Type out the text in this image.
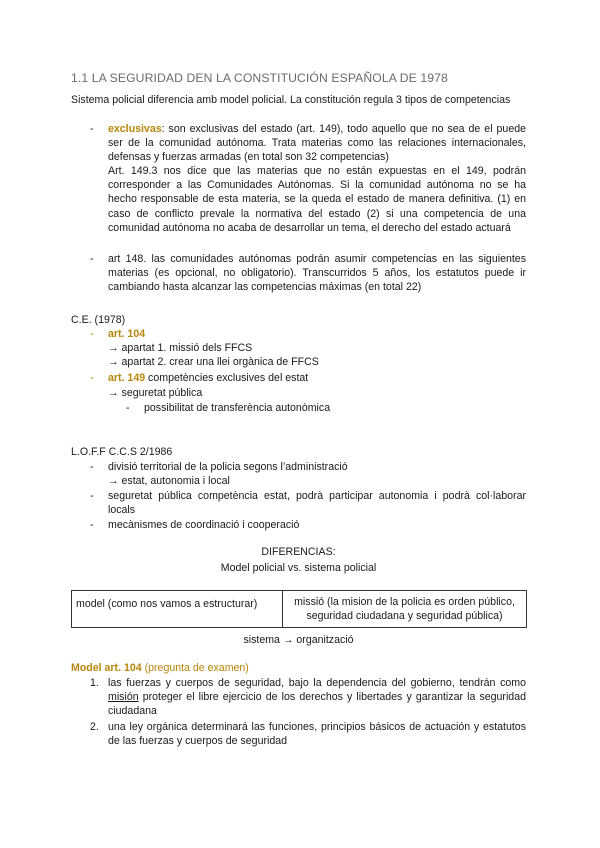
1.1 LA SEGURIDAD DEN LA CONSTITUCIÓN ESPAÑOLA DE 1978
Sistema policial diferencia amb model policial. La constitución regula 3 tipos de competencias
-	exclusivas: son exclusivas del estado (art. 149), todo aquello que no sea de el puede ser de la comunidad autónoma. Trata materias como las relaciones internacionales, defensas y fuerzas armadas (en total son 32 competencias)
Art. 149.3 nos dice que las materias que no están expuestas en el 149, podrán corresponder a las Comunidades Autónomas. Si la comunidad autónoma no se ha hecho responsable de esta materia, se la queda el estado de manera definitiva. (1) en caso de conflicto prevale la normativa del estado (2) si una competencia de una comunidad autónoma no acaba de desarrollar un tema, el derecho del estado actuará
-	art 148. las comunidades autónomas podrán asumir competencias en las siguientes materias (es opcional, no obligatorio). Transcurridos 5 años, los estatutos puede ir cambiando hasta alcanzar las competencias máximas (en total 22)
C.E. (1978)
- art. 104
→ apartat 1. missió dels FFCS
→ apartat 2. crear una llei orgànica de FFCS
- art. 149 competències exclusives del estat
→ seguretat pública
- possibilitat de transferència autonòmica
L.O.F.F C.C.S 2/1986
- divisió territorial de la policia segons l’administració
→ estat, autonomia i local
- seguretat pública competència estat, podrà participar autonomia i podrà col·laborar locals
- mecànismes de coordinació i cooperació
DIFERENCIAS:
Model policial vs. sistema policial
model (como nos vamos a estructurar)	missió (la mision de la policia es orden público, seguridad ciudadana y seguridad pública)
sistema → organització
Model art. 104 (pregunta de examen)
1. las fuerzas y cuerpos de seguridad, bajo la dependencia del gobierno, tendrán como misión proteger el libre ejercicio de los derechos y libertades y garantizar la seguridad ciudadana
2. una ley orgánica determinará las funciones, principios básicos de actuación y estatutos de las fuerzas y cuerpos de seguridad
